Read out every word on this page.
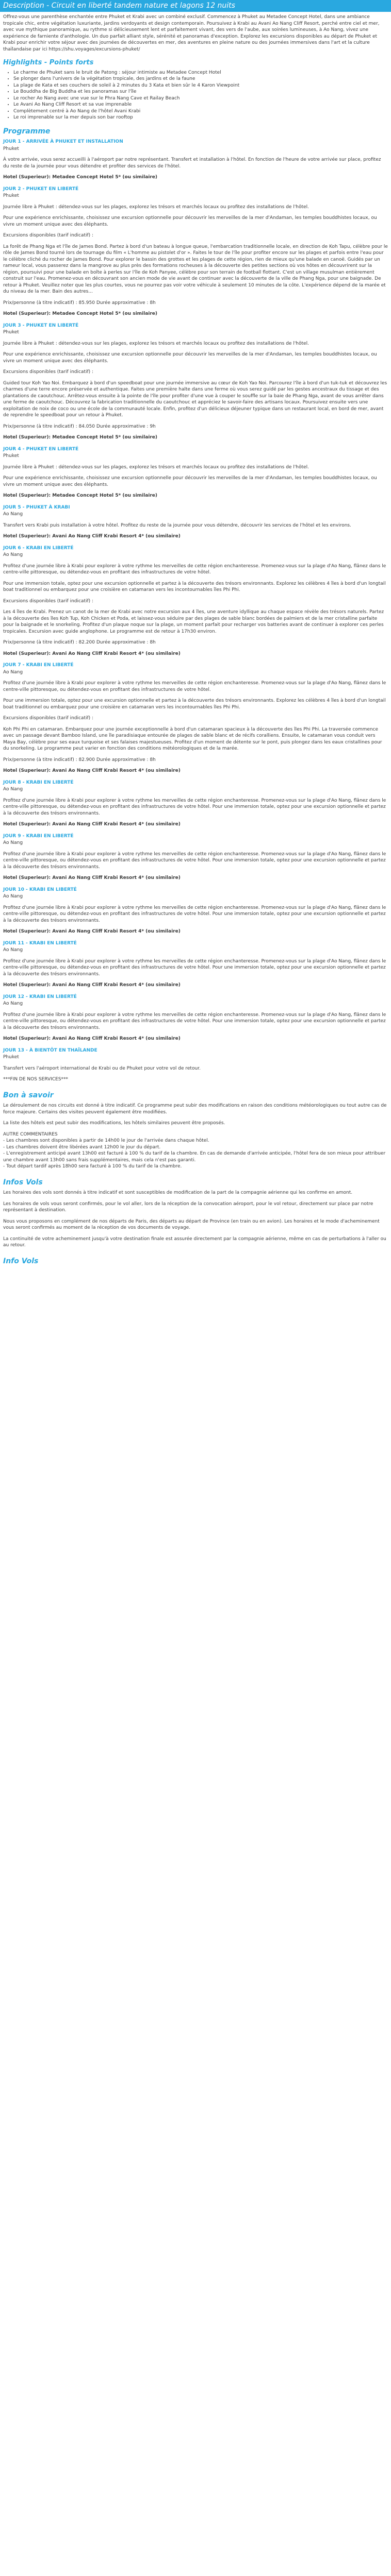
Description - Circuit en liberté tandem nature et lagons 12 nuits

Offrez-vous une parenthèse enchantée entre Phuket et Krabi avec un combiné exclusif. Commencez à Phuket au Metadee Concept Hotel, dans une ambiance tropicale chic, entre végétation luxuriante, jardins verdoyants et design contemporain. Poursuivez à Krabi au Avani Ao Nang Cliff Resort, perché entre ciel et mer, avec vue mythique panoramique, au rythme si délicieusement lent et parfaitement vivant, des vers de l'aube, aux soirées lumineuses, à Ao Nang, vivez une expérience de farniente d'anthologie. Un duo parfait alliant style, sérénité et panoramas d'exception. Explorez les excursions disponibles au départ de Phuket et Krabi pour enrichir votre séjour avec des journées de découvertes en mer, des aventures en pleine nature ou des journées immersives dans l'art et la culture thaïlandaise par ici https://shu.voyages/excursions-phuket/

Highlights - Points forts
• Le charme de Phuket sans le bruit de Patong : séjour intimiste au Metadee Concept Hotel
• Se plonger dans l'univers de la végétation tropicale, des jardins et de la faune
• La plage de Kata et ses couchers de soleil à 2 minutes du 3 Kata et bien sûr le 4 Karon Viewpoint
• Le Bouddha de Big Buddha et les panoramas sur l'île
• Le rocher Ao Nang avec une vue sur le Phra Nang Cave et Railay Beach
• Le Avani Ao Nang Cliff Resort et sa vue imprenable
• Complètement centré à Ao Nang de l'hôtel Avani Krabi
• Le roi imprenable sur la mer depuis son bar rooftop
Programme
JOUR 1 - ARRIVÉE À PHUKET ET INSTALLATION
Phuket

À votre arrivée, vous serez accueilli à l'aéroport par notre représentant. Transfert et installation à l'hôtel. En fonction de l'heure de votre arrivée sur place, profitez du reste de la journée pour vous détendre et profiter des services de l'hôtel.

Hotel (Superieur): Metadee Concept Hotel 5* (ou similaire)
JOUR 2 - PHUKET EN LIBERTÉ
Phuket

Journée libre à Phuket : détendez-vous sur les plages, explorez les trésors et marchés locaux ou profitez des installations de l'hôtel.

Pour une expérience enrichissante, choisissez une excursion optionnelle pour découvrir les merveilles de la mer d'Andaman, les temples bouddhistes locaux, ou vivre un moment unique avec des éléphants.

Excursions disponibles (tarif indicatif) :

La forêt de Phang Nga et l'île de James Bond. Partez à bord d'un bateau à longue queue, l'embarcation traditionnelle locale, en direction de Koh Tapu, célèbre pour le rôle de James Bond tourné lors de tournage du film « L'homme au pistolet d'or ». Faites le tour de l'île pour profiter encore sur les plages et parfois entre l'eau pour le célèbre cliché du rocher de James Bond. Pour explorer le bassin des grottes et les plages de cette région, rien de mieux qu'une balade en canoë. Guidés par un rameur local, vous passerez dans la mangrove au plus près des formations rocheuses à la découverte des petites sections où vos hôtes en découvrirent sur la région, poursuivi pour une balade en boîte à perles sur l'île de Koh Panyee, célèbre pour son terrain de football flottant. C'est un village musulman entièrement construit sur l'eau. Promenez-vous en découvrant son ancien mode de vie avant de continuer avec la découverte de la ville de Phang Nga, pour une baignade. De retour à Phuket. Veuillez noter que les plus courtes, vous ne pourrez pas voir votre véhicule à seulement 10 minutes de la côte. L'expérience dépend de la marée et du niveau de la mer. Bain des autres...

Prix/personne (à titre indicatif) : 85.950 Durée approximative : 8h

Hotel (Superieur): Metadee Concept Hotel 5* (ou similaire)
JOUR 3 - PHUKET EN LIBERTÉ
Phuket

Journée libre à Phuket : détendez-vous sur les plages, explorez les trésors et marchés locaux ou profitez des installations de l'hôtel.

Pour une expérience enrichissante, choisissez une excursion optionnelle pour découvrir les merveilles de la mer d'Andaman, les temples bouddhistes locaux, ou vivre un moment unique avec des éléphants.

Excursions disponibles (tarif indicatif) :

Guided tour Koh Yao Noi. Embarquez à bord d'un speedboat pour une journée immersive au cœur de Koh Yao Noi. Parcourez l'île à bord d'un tuk-tuk et découvrez les charmes d'une terre encore préservée et authentique. Faites une première halte dans une ferme où vous serez guidé par les gestes ancestraux du tissage et des plantations de caoutchouc. Arrêtez-vous ensuite à la pointe de l'île pour profiter d'une vue à couper le souffle sur la baie de Phang Nga, avant de vous arrêter dans une ferme de caoutchouc. Découvrez la fabrication traditionnelle du caoutchouc et appréciez le savoir-faire des artisans locaux. Poursuivez ensuite vers une exploitation de noix de coco ou une école de la communauté locale. Enfin, profitez d'un délicieux déjeuner typique dans un restaurant local, en bord de mer, avant de reprendre le speedboat pour un retour à Phuket.

Prix/personne (à titre indicatif) : 84.050 Durée approximative : 9h

Hotel (Superieur): Metadee Concept Hotel 5* (ou similaire)
JOUR 4 - PHUKET EN LIBERTÉ
Phuket

Journée libre à Phuket : détendez-vous sur les plages, explorez les trésors et marchés locaux ou profitez des installations de l'hôtel.

Pour une expérience enrichissante, choisissez une excursion optionnelle pour découvrir les merveilles de la mer d'Andaman, les temples bouddhistes locaux, ou vivre un moment unique avec des éléphants.

Hotel (Superieur): Metadee Concept Hotel 5* (ou similaire)
JOUR 5 - PHUKET À KRABI
Ao Nang

Transfert vers Krabi puis installation à votre hôtel. Profitez du reste de la journée pour vous détendre, découvrir les services de l'hôtel et les environs.

Hotel (Superieur): Avani Ao Nang Cliff Krabi Resort 4* (ou similaire)
JOUR 6 - KRABI EN LIBERTÉ
Ao Nang

Profitez d'une journée libre à Krabi pour explorer à votre rythme les merveilles de cette région enchanteresse. Promenez-vous sur la plage d'Ao Nang, flânez dans le centre-ville pittoresque, ou détendez-vous en profitant des infrastructures de votre hôtel.

Pour une immersion totale, optez pour une excursion optionnelle et partez à la découverte des trésors environnants. Explorez les célèbres 4 îles à bord d'un longtail boat traditionnel ou embarquez pour une croisière en catamaran vers les incontournables îles Phi Phi.

Excursions disponibles (tarif indicatif) :

Les 4 îles de Krabi. Prenez un canot de la mer de Krabi avec notre excursion aux 4 îles, une aventure idyllique au chaque espace révèle des trésors naturels. Partez à la découverte des îles Koh Tup, Koh Chicken et Poda, et laissez-vous séduire par des plages de sable blanc bordées de palmiers et de la mer cristalline parfaite pour la baignade et le snorkeling. Profitez d'un plaque noque sur la plage, un moment parfait pour recharger vos batteries avant de continuer à explorer ces perles tropicales. Excursion avec guide anglophone. Le programme est de retour à 17h30 environ.

Prix/personne (à titre indicatif) : 82.200 Durée approximative : 8h

Hotel (Superieur): Avani Ao Nang Cliff Krabi Resort 4* (ou similaire)
JOUR 7 - KRABI EN LIBERTÉ
Ao Nang

Profitez d'une journée libre à Krabi pour explorer à votre rythme les merveilles de cette région enchanteresse. Promenez-vous sur la plage d'Ao Nang, flânez dans le centre-ville pittoresque, ou détendez-vous en profitant des infrastructures de votre hôtel.

Pour une immersion totale, optez pour une excursion optionnelle et partez à la découverte des trésors environnants. Explorez les célèbres 4 îles à bord d'un longtail boat traditionnel ou embarquez pour une croisière en catamaran vers les incontournables îles Phi Phi.

Excursions disponibles (tarif indicatif) :

Koh Phi Phi en catamaran. Embarquez pour une journée exceptionnelle à bord d'un catamaran spacieux à la découverte des îles Phi Phi. La traversée commence avec un passage devant Bamboo Island, une île paradisiaque entourée de plages de sable blanc et de récifs coralliens. Ensuite, le catamaran vous conduit vers Maya Bay, célèbre pour ses eaux turquoise et ses falaises majestueuses. Profitez d'un moment de détente sur le pont, puis plongez dans les eaux cristallines pour du snorkeling. Le programme peut varier en fonction des conditions météorologiques et de la marée.

Prix/personne (à titre indicatif) : 82.900 Durée approximative : 8h

Hotel (Superieur): Avani Ao Nang Cliff Krabi Resort 4* (ou similaire)
JOUR 8 - KRABI EN LIBERTÉ
Ao Nang

Profitez d'une journée libre à Krabi pour explorer à votre rythme les merveilles de cette région enchanteresse. Promenez-vous sur la plage d'Ao Nang, flânez dans le centre-ville pittoresque, ou détendez-vous en profitant des infrastructures de votre hôtel. Pour une immersion totale, optez pour une excursion optionnelle et partez à la découverte des trésors environnants.

Hotel (Superieur): Avani Ao Nang Cliff Krabi Resort 4* (ou similaire)
JOUR 9 - KRABI EN LIBERTÉ
Ao Nang

Profitez d'une journée libre à Krabi pour explorer à votre rythme les merveilles de cette région enchanteresse. Promenez-vous sur la plage d'Ao Nang, flânez dans le centre-ville pittoresque, ou détendez-vous en profitant des infrastructures de votre hôtel. Pour une immersion totale, optez pour une excursion optionnelle et partez à la découverte des trésors environnants.

Hotel (Superieur): Avani Ao Nang Cliff Krabi Resort 4* (ou similaire)
JOUR 10 - KRABI EN LIBERTÉ
Ao Nang

Profitez d'une journée libre à Krabi pour explorer à votre rythme les merveilles de cette région enchanteresse. Promenez-vous sur la plage d'Ao Nang, flânez dans le centre-ville pittoresque, ou détendez-vous en profitant des infrastructures de votre hôtel. Pour une immersion totale, optez pour une excursion optionnelle et partez à la découverte des trésors environnants.

Hotel (Superieur): Avani Ao Nang Cliff Krabi Resort 4* (ou similaire)
JOUR 11 - KRABI EN LIBERTÉ
Ao Nang

Profitez d'une journée libre à Krabi pour explorer à votre rythme les merveilles de cette région enchanteresse. Promenez-vous sur la plage d'Ao Nang, flânez dans le centre-ville pittoresque, ou détendez-vous en profitant des infrastructures de votre hôtel. Pour une immersion totale, optez pour une excursion optionnelle et partez à la découverte des trésors environnants.

Hotel (Superieur): Avani Ao Nang Cliff Krabi Resort 4* (ou similaire)
JOUR 12 - KRABI EN LIBERTÉ
Ao Nang

Profitez d'une journée libre à Krabi pour explorer à votre rythme les merveilles de cette région enchanteresse. Promenez-vous sur la plage d'Ao Nang, flânez dans le centre-ville pittoresque, ou détendez-vous en profitant des infrastructures de votre hôtel. Pour une immersion totale, optez pour une excursion optionnelle et partez à la découverte des trésors environnants.

Hotel (Superieur): Avani Ao Nang Cliff Krabi Resort 4* (ou similaire)
JOUR 13 - À BIENTÔT EN THAÏLANDE
Phuket

Transfert vers l'aéroport international de Krabi ou de Phuket pour votre vol de retour.

***FIN DE NOS SERVICES***

Bon à savoir

Le déroulement de nos circuits est donné à titre indicatif. Ce programme peut subir des modifications en raison des conditions météorologiques ou tout autre cas de force majeure. Certains des visites peuvent également être modifiées.

La liste des hôtels est peut subir des modifications, les hôtels similaires peuvent être proposés.

AUTRE COMMENTAIRES

- Les chambres sont disponibles à partir de 14h00 le jour de l'arrivée dans chaque hôtel.

- Les chambres doivent être libérées avant 12h00 le jour du départ.

- L'enregistrement anticipé avant 13h00 est facturé à 100 % du tarif de la chambre. En cas de demande d'arrivée anticipée, l'hôtel fera de son mieux pour attribuer une chambre avant 13h00 sans frais supplémentaires, mais cela n'est pas garanti.

- Tout départ tardif après 18h00 sera facturé à 100 % du tarif de la chambre.

Infos Vols

Les horaires des vols sont donnés à titre indicatif et sont susceptibles de modification de la part de la compagnie aérienne qui les confirme en amont.

Les horaires de vols vous seront confirmés, pour le vol aller, lors de la réception de la convocation aéroport, pour le vol retour, directement sur place par notre représentant à destination.

Nous vous proposons en complément de nos départs de Paris, des départs au départ de Province (en train ou en avion). Les horaires et le mode d'acheminement vous seront confirmés au moment de la réception de vos documents de voyage.

La continuité de votre acheminement jusqu'à votre destination finale est assurée directement par la compagnie aérienne, même en cas de perturbations à l'aller ou au retour.

Info Vols
